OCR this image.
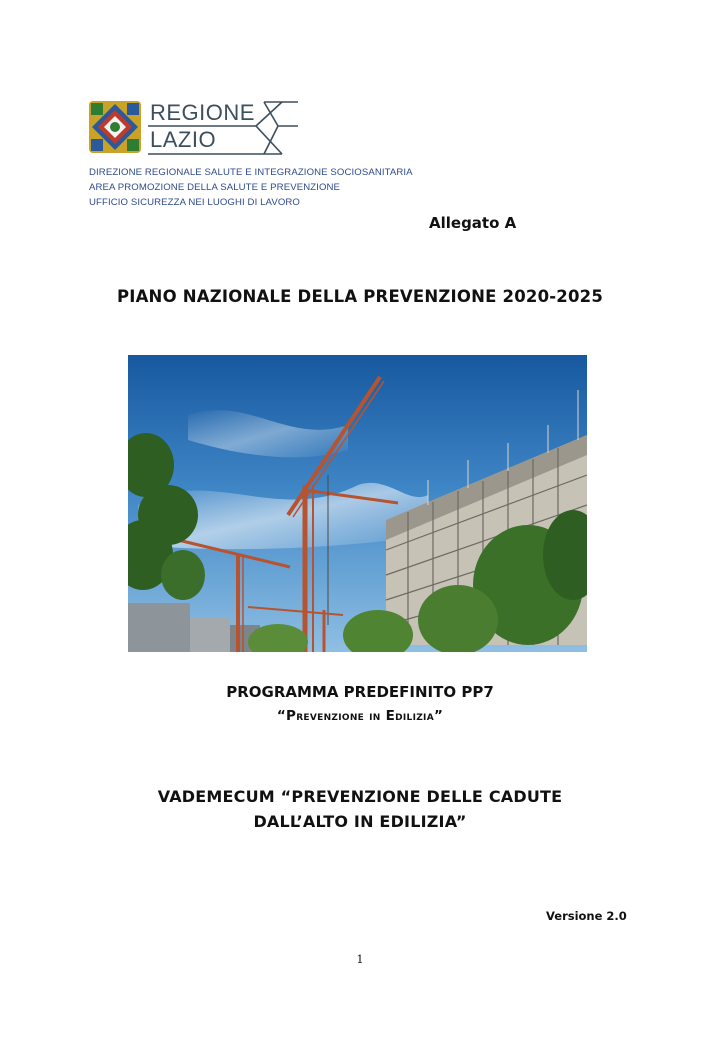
REGIONE
LAZIO
DIREZIONE REGIONALE SALUTE E INTEGRAZIONE SOCIOSANITARIA
AREA PROMOZIONE DELLA SALUTE E PREVENZIONE
UFFICIO SICUREZZA NEI LUOGHI DI LAVORO
Allegato A
PIANO NAZIONALE DELLA PREVENZIONE 2020-2025
PROGRAMMA PREDEFINITO PP7
“Prevenzione in Edilizia”
VADEMECUM “PREVENZIONE DELLE CADUTE
DALL’ALTO IN EDILIZIA”
Versione 2.0
1
